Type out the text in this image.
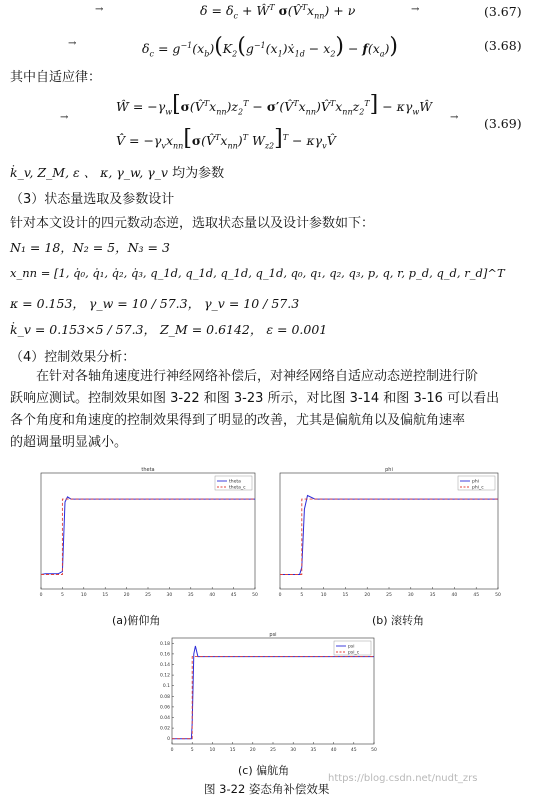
→	$\delta = \delta_c$ + $Ŵ^T$ $\sigma(V̂^Tx_{nn}) + \nu$	→	(3.67)
→	$\delta_c$ = $g^{-1}(x_b)(K_2(g^{-1}(x_1)ẋ_{1d} - x_2) - f(x_a))$	(3.68)
其中自适应律：
→
Ŵ̇ = $-\gamma_w[\sigma(V̂^Tx_{nn})z_2^T$ − $\sigma'(V̂^Tx_{nn})V̂^Tx_{nn}z_2^T$] − $\kappa\gamma_wŴ$
V̂̇ = $-\gamma_vx_{nn}[\sigma(V̂^Tx_{nn})^T$ $W_{z2}]^T$ − $\kappa\gamma_vV̂$
→ (3.69)
k̇_v, Z_M, ε 、 κ, γ_w, γ_v 均为参数
（3）状态量选取及参数设计
针对本文设计的四元数动态逆，选取状态量以及设计参数如下：
N₁ = 18，N₂ = 5，N₃ = 3
x_nn = [1, q̇₀, q̇₁, q̇₂, q̇₃, q_1d, q_1d, q_1d, q_1d, q₀, q₁, q₂, q₃, p, q, r, p_d, q_d, r_d]^T
κ = 0.153， γ_w = 10 / 57.3， γ_v = 10 / 57.3
k̇_v = 0.153×5 / 57.3， Z_M = 0.6142， ε = 0.001
（4）控制效果分析：
在针对各轴角速度进行神经网络补偿后，对神经网络自适应动态逆控制进行阶
跃响应测试。控制效果如图 3-22 和图 3-23 所示，对比图 3-14 和图 3-16 可以看出
各个角度和角速度的控制效果得到了明显的改善，尤其是偏航角以及偏航角速率
的超调量明显减小。
theta
0	5	10	15	20	25	30	35	40	45	50
theta
theta_c
(a)俯仰角
phi
0	5	10	15	20	25	30	35	40	45	50
phi
phi_c
(b) 滚转角
psi
0	5	10	15	20	25	30	35	40	45	50
0
0.02
0.04
0.06
0.08
0.1
0.12
0.14
0.16
0.18
psi
psi_c
(c) 偏航角
图 3-22 姿态角补偿效果
https://blog.csdn.net/nudt_zrs
